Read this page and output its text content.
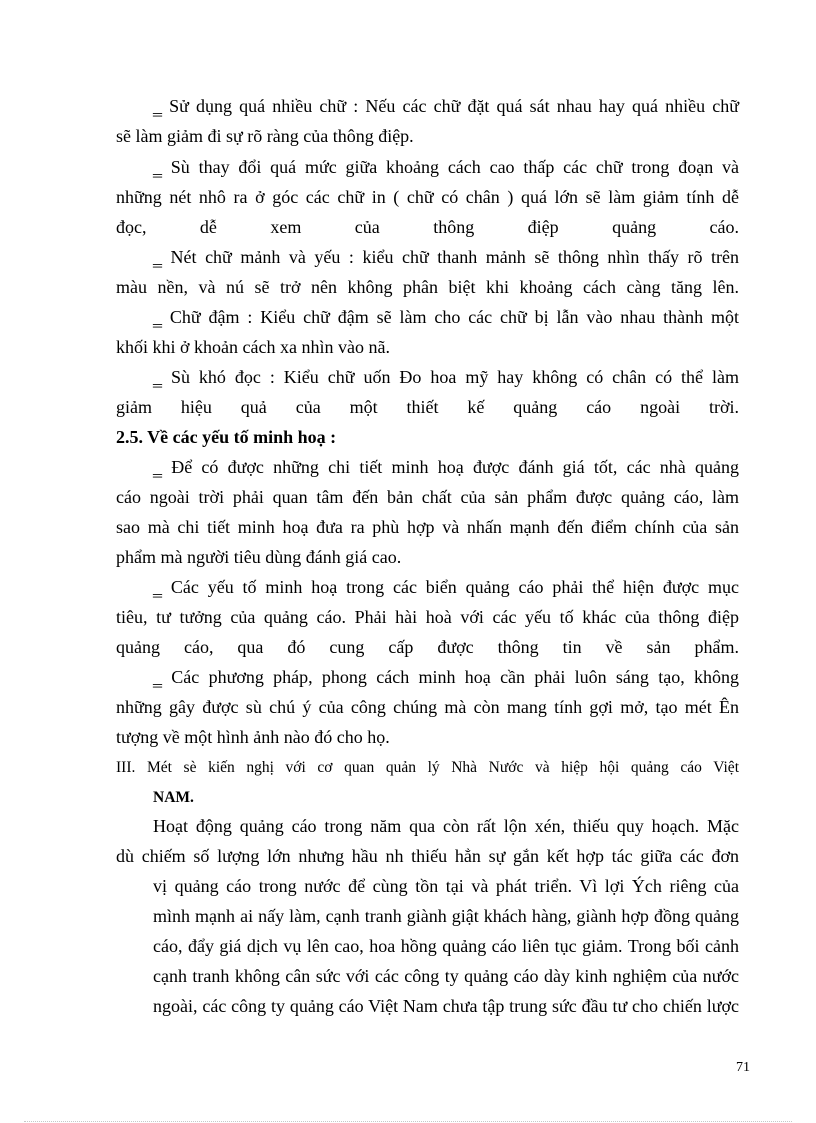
‗ Sử dụng quá nhiều chữ : Nếu các chữ đặt quá sát nhau hay quá nhiều chữ
sẽ làm giảm đi sự rõ ràng của thông điệp.
‗ Sù thay đổi quá mức giữa khoảng cách cao thấp các chữ trong đoạn và
những nét nhô ra ở góc các chữ in ( chữ có chân ) quá lớn sẽ làm giảm tính dễ
đọc, dễ xem của thông điệp quảng cáo.
‗ Nét chữ mảnh và yếu : kiểu chữ thanh mảnh sẽ thông nhìn thấy rõ trên
màu nền, và nú sẽ trở nên không phân biệt khi khoảng cách càng tăng lên.
‗ Chữ đậm : Kiểu chữ đậm sẽ làm cho các chữ bị lẫn vào nhau thành một
khối khi ở khoản cách xa nhìn vào nã.
‗ Sù khó đọc : Kiểu chữ uốn Đo hoa mỹ hay không có chân có thể làm
giảm hiệu quả của một thiết kế quảng cáo ngoài trời.
2.5. Về các yếu tố minh hoạ :
‗ Để có được những chi tiết minh hoạ được đánh giá tốt, các nhà quảng
cáo ngoài trời phải quan tâm đến bản chất của sản phẩm được quảng cáo, làm
sao mà chi tiết minh hoạ đưa ra phù hợp và nhấn mạnh đến điểm chính của sản
phẩm mà người tiêu dùng đánh giá cao.
‗ Các yếu tố minh hoạ trong các biển quảng cáo phải thể hiện được mục
tiêu, tư tưởng của quảng cáo. Phải hài hoà với các yếu tố khác của thông điệp
quảng cáo, qua đó cung cấp được thông tin về sản phẩm.
‗ Các phương pháp, phong cách minh hoạ cần phải luôn sáng tạo, không
những gây được sù chú ý của công chúng mà còn mang tính gợi mở, tạo mét Ên
tượng về một hình ảnh nào đó cho họ.
III. Mét sè kiến nghị với cơ quan quản lý Nhà Nước và hiệp hội quảng cáo Việt
NAM.
Hoạt động quảng cáo trong năm qua còn rất lộn xén, thiếu quy hoạch. Mặc
dù chiếm số lượng lớn nhưng hầu nh thiếu hẳn sự gắn kết hợp tác giữa các đơn
vị quảng cáo trong nước để cùng tồn tại và phát triển. Vì lợi Ých riêng của
mình mạnh ai nấy làm, cạnh tranh giành giật khách hàng, giành hợp đồng quảng
cáo, đẩy giá dịch vụ lên cao, hoa hồng quảng cáo liên tục giảm. Trong bối cảnh
cạnh tranh không cân sức với các công ty quảng cáo dày kinh nghiệm của nước
ngoài, các công ty quảng cáo Việt Nam chưa tập trung sức đầu tư cho chiến lược
71
